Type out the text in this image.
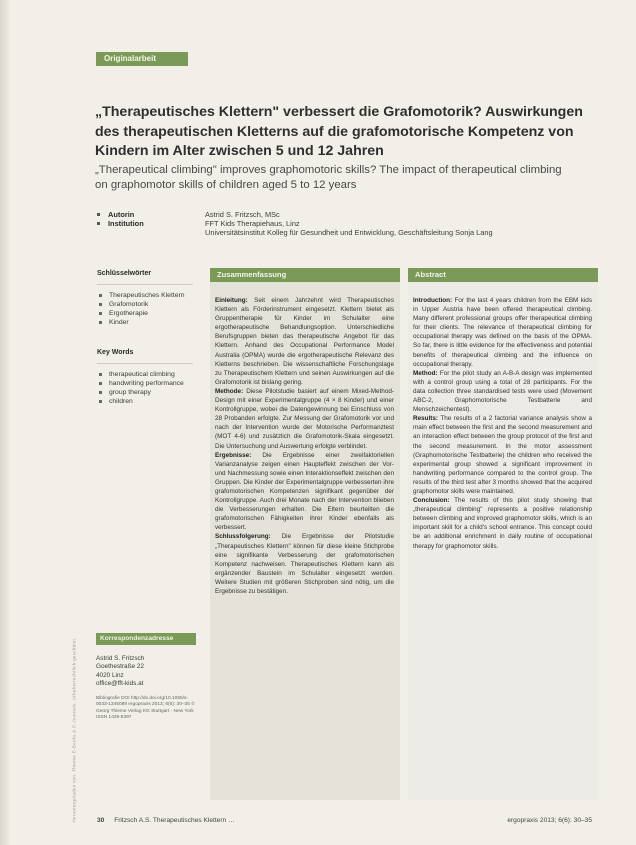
Heruntergeladen von: Thieme E-Books & E-Journals. Urheberrechtlich geschützt.
Originalarbeit
„Therapeutisches Klettern" verbessert die Grafomotorik? Auswirkungen des therapeutischen Kletterns auf die grafomotorische Kompetenz von Kindern im Alter zwischen 5 und 12 Jahren
„Therapeutical climbing" improves graphomotoric skills? The impact of therapeutical climbing on graphomotor skills of children aged 5 to 12 years
Autorin	Astrid S. Fritzsch, MSc
Institution	FFT Kids Therapiehaus, Linz
Universitätsinstitut Kolleg für Gesundheit und Entwicklung, Geschäftsleitung Sonja Lang
Schlüsselwörter
Therapeutisches Klettern
Grafomotorik
Ergotherapie
Kinder
Key Words
therapeutical climbing
handwriting performance
group therapy
children
Korrespondenzadresse
Astrid S. Fritzsch
Goethestraße 22
4020 Linz
office@fft-kids.at
Bibliografie DOI http://dx.doi.org/10.1055/s-0033-1345089 ergopraxis 2013; 6(6): 30–35 © Georg Thieme Verlag KG Stuttgart · New York ISSN 1439-8397
Zusammenfassung

Einleitung: Seit einem Jahrzehnt wird Therapeutisches Klettern als Förderinstrument eingesetzt. Klettern bietet als Gruppentherapie für Kinder im Schulalter eine ergotherapeutische Behandlungsoption. Unterschiedliche Berufsgruppen bieten das therapeutische Angebot für das Klettern. Anhand des Occupational Performance Model Australia (OPMA) wurde die ergotherapeutische Relevanz des Kletterns beschrieben. Die wissenschaftliche Forschungslage zu Therapeutischem Klettern und seinen Auswirkungen auf die Grafomotorik ist bislang gering.

Methode: Diese Pilotstudie basiert auf einem Mixed-Method-Design mit einer Experimentalgruppe (4 × 8 Kinder) und einer Kontrollgruppe, wobei die Datengewinnung bei Einschluss von 28 Probanden erfolgte. Zur Messung der Grafomotorik vor und nach der Intervention wurde der Motorische Performanztest (MOT 4-6) und zusätzlich die Grafomotorik-Skala eingesetzt. Die Untersuchung und Auswertung erfolgte verblindet.

Ergebnisse: Die Ergebnisse einer zweifaktoriellen Varianzanalyse zeigen einen Haupteffekt zwischen der Vor- und Nachmessung sowie einen Interaktionseffekt zwischen den Gruppen. Die Kinder der Experimentalgruppe verbesserten ihre grafomotorischen Kompetenzen signifikant gegenüber der Kontrollgruppe. Auch drei Monate nach der Intervention blieben die Verbesserungen erhalten. Die Eltern beurteilten die grafomotorischen Fähigkeiten ihrer Kinder ebenfalls als verbessert.

Schlussfolgerung: Die Ergebnisse der Pilotstudie „Therapeutisches Klettern" können für diese kleine Stichprobe eine signifikante Verbesserung der grafomotorischen Kompetenz nachweisen. Therapeutisches Klettern kann als ergänzender Baustein im Schulalter eingesetzt werden. Weitere Studien mit größeren Stichproben sind nötig, um die Ergebnisse zu bestätigen.

Abstract

Introduction: For the last 4 years children from the EBM kids in Upper Austria have been offered therapeutical climbing. Many different professional groups offer therapeutical climbing for their clients. The relevance of therapeutical climbing for occupational therapy was defined on the basis of the OPMA. So far, there is little evidence for the effectiveness and potential benefits of therapeutical climbing and the influence on occupational therapy.

Method: For the pilot study an A-B-A design was implemented with a control group using a total of 28 participants. For the data collection three standardised tests were used (Movement ABC-2, Graphomotorische Testbatterie and Menschzeichentest).

Results: The results of a 2 factorial variance analysis show a main effect between the first and the second measurement and an interaction effect between the group protocol of the first and the second measurement. In the motor assessment (Graphomotorische Testbatterie) the children who received the experimental group showed a significant improvement in handwriting performance compared to the control group. The results of the third test after 3 months showed that the acquired graphomotor skills were maintained.

Conclusion: The results of this pilot study showing that „therapeutical climbing" represents a positive relationship between climbing and improved graphomotor skills, which is an important skill for a child's school entrance. This concept could be an additional enrichment in daily routine of occupational therapy for graphomotor skills.

30 Fritzsch A.S. Therapeutisches Klettern …	ergopraxis 2013; 6(6): 30–35
